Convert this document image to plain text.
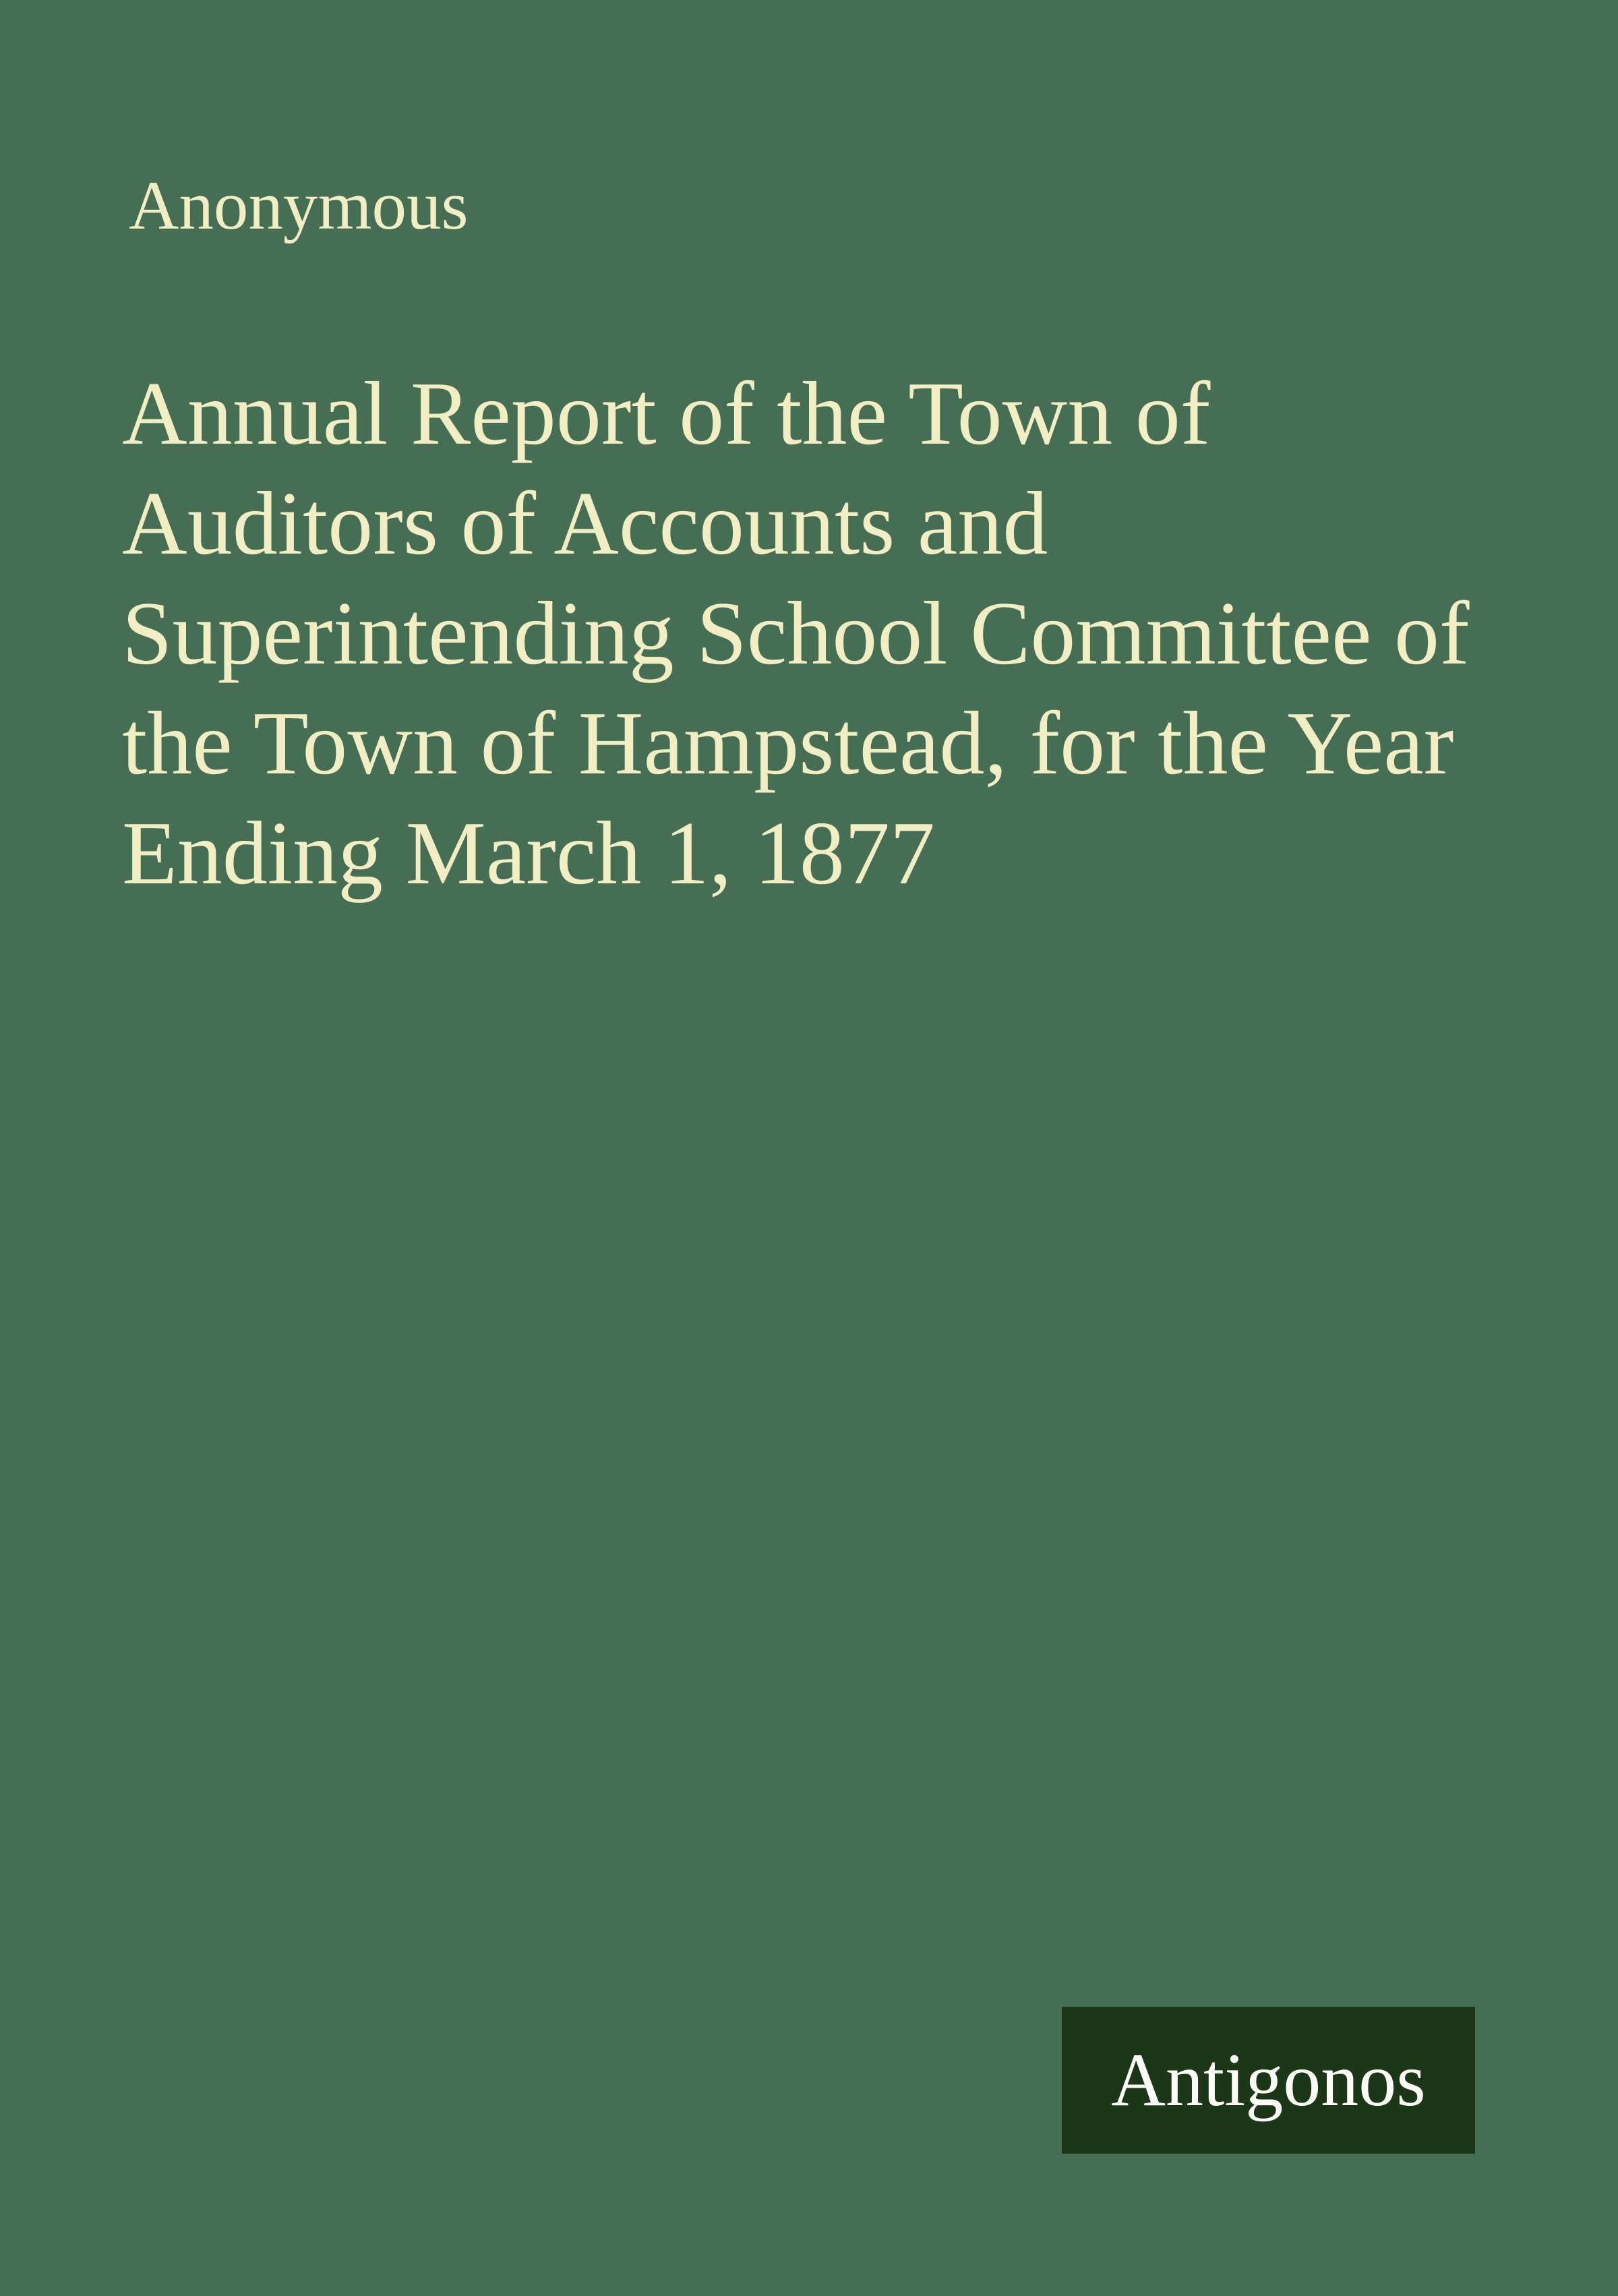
Anonymous
Annual Report of the Town of
Auditors of Accounts and
Superintending School Committee of
the Town of Hampstead, for the Year
Ending March 1, 1877
Antigonos
